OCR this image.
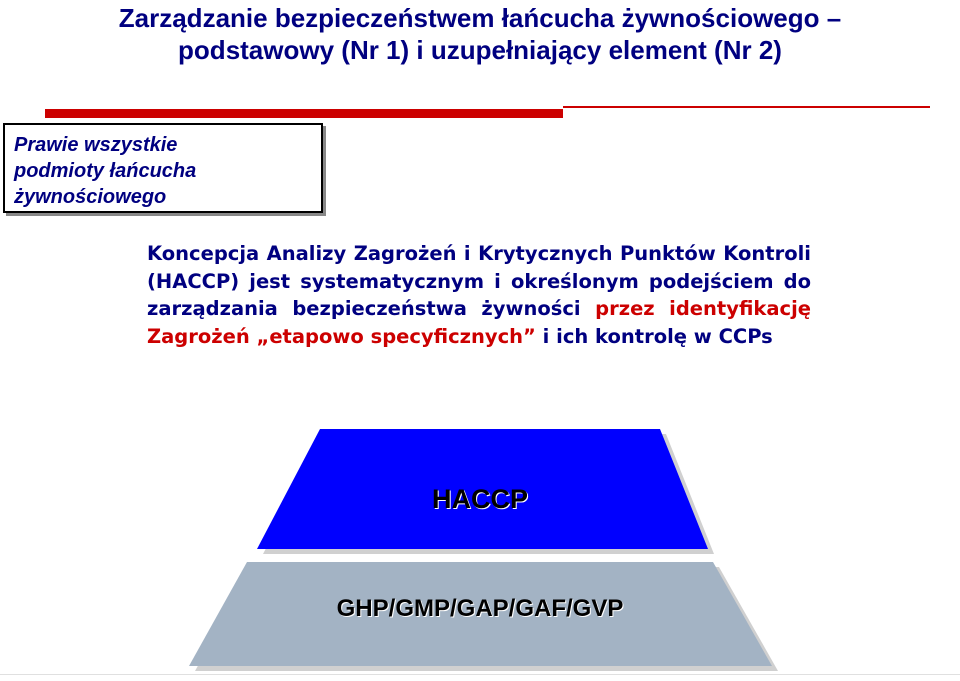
Zarządzanie bezpieczeństwem łańcucha żywnościowego –
podstawowy (Nr 1) i uzupełniający element (Nr 2)
Prawie wszystkie
podmioty łańcucha
żywnościowego
Koncepcja Analizy Zagrożeń i Krytycznych Punktów Kontroli (HACCP) jest systematycznym i określonym podejściem do zarządzania bezpieczeństwa żywności przez identyfikację Zagrożeń „etapowo specyficznych” i ich kontrolę w CCPs
HACCP
GHP/GMP/GAP/GAF/GVP
